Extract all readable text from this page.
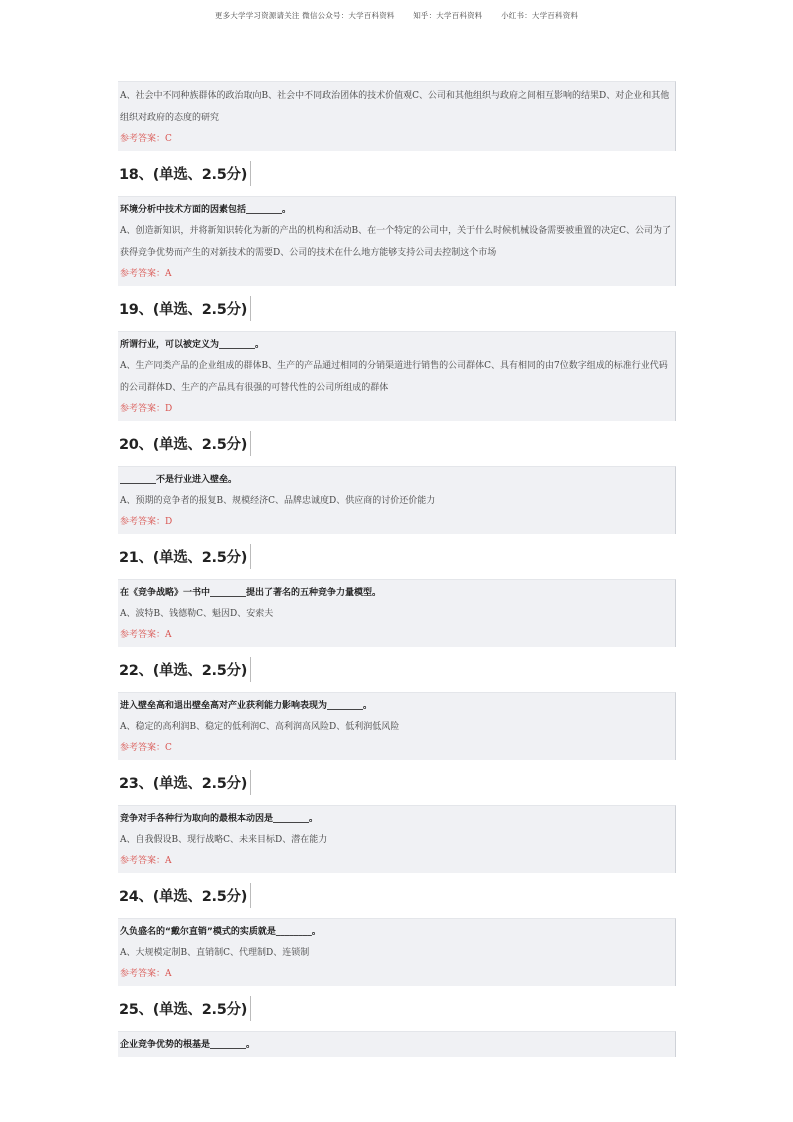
更多大学学习资源请关注 微信公众号：大学百科资料 知乎：大学百科资料 小红书：大学百科资料
A、社会中不同种族群体的政治取向B、社会中不同政治团体的技术价值观C、公司和其他组织与政府之间相互影响的结果D、对企业和其他组织对政府的态度的研究
参考答案：C
18、(单选、2.5分)
环境分析中技术方面的因素包括________。
A、创造新知识，并将新知识转化为新的产出的机构和活动B、在一个特定的公司中，关于什么时候机械设备需要被重置的决定C、公司为了获得竞争优势而产生的对新技术的需要D、公司的技术在什么地方能够支持公司去控制这个市场
参考答案：A
19、(单选、2.5分)
所谓行业，可以被定义为________。
A、生产同类产品的企业组成的群体B、生产的产品通过相同的分销渠道进行销售的公司群体C、具有相同的由7位数字组成的标准行业代码的公司群体D、生产的产品具有很强的可替代性的公司所组成的群体
参考答案：D
20、(单选、2.5分)
________不是行业进入壁垒。
A、预期的竞争者的报复B、规模经济C、品牌忠诚度D、供应商的讨价还价能力
参考答案：D
21、(单选、2.5分)
在《竞争战略》一书中________提出了著名的五种竞争力量模型。
A、波特B、钱德勒C、魁因D、安索夫
参考答案：A
22、(单选、2.5分)
进入壁垒高和退出壁垒高对产业获利能力影响表现为________。
A、稳定的高利润B、稳定的低利润C、高利润高风险D、低利润低风险
参考答案：C
23、(单选、2.5分)
竞争对手各种行为取向的最根本动因是________。
A、自我假设B、现行战略C、未来目标D、潜在能力
参考答案：A
24、(单选、2.5分)
久负盛名的“戴尔直销”模式的实质就是________。
A、大规模定制B、直销制C、代理制D、连锁制
参考答案：A
25、(单选、2.5分)
企业竞争优势的根基是________。
